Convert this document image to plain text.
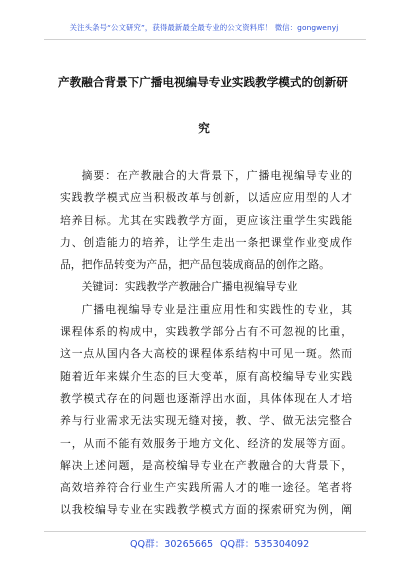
关注头条号“公文研究”，获得最新最全最专业的公文资料库！ 微信：gongwenyj
产教融合背景下广播电视编导专业实践教学模式的创新研
究
摘要：在产教融合的大背景下，广播电视编导专业的
实践教学模式应当积极改革与创新，以适应应用型的人才
培养目标。尤其在实践教学方面，更应该注重学生实践能
力、创造能力的培养，让学生走出一条把课堂作业变成作
品，把作品转变为产品，把产品包装成商品的创作之路。
关键词：实践教学产教融合广播电视编导专业
广播电视编导专业是注重应用性和实践性的专业，其
课程体系的构成中，实践教学部分占有不可忽视的比重，
这一点从国内各大高校的课程体系结构中可见一斑。然而
随着近年来媒介生态的巨大变革，原有高校编导专业实践
教学模式存在的问题也逐渐浮出水面，具体体现在人才培
养与行业需求无法实现无缝对接，教、学、做无法完整合
一，从而不能有效服务于地方文化、经济的发展等方面。
解决上述问题，是高校编导专业在产教融合的大背景下，
高效培养符合行业生产实践所需人才的唯一途径。笔者将
以我校编导专业在实践教学模式方面的探索研究为例，阐
QQ群：30265665 QQ群：535304092
